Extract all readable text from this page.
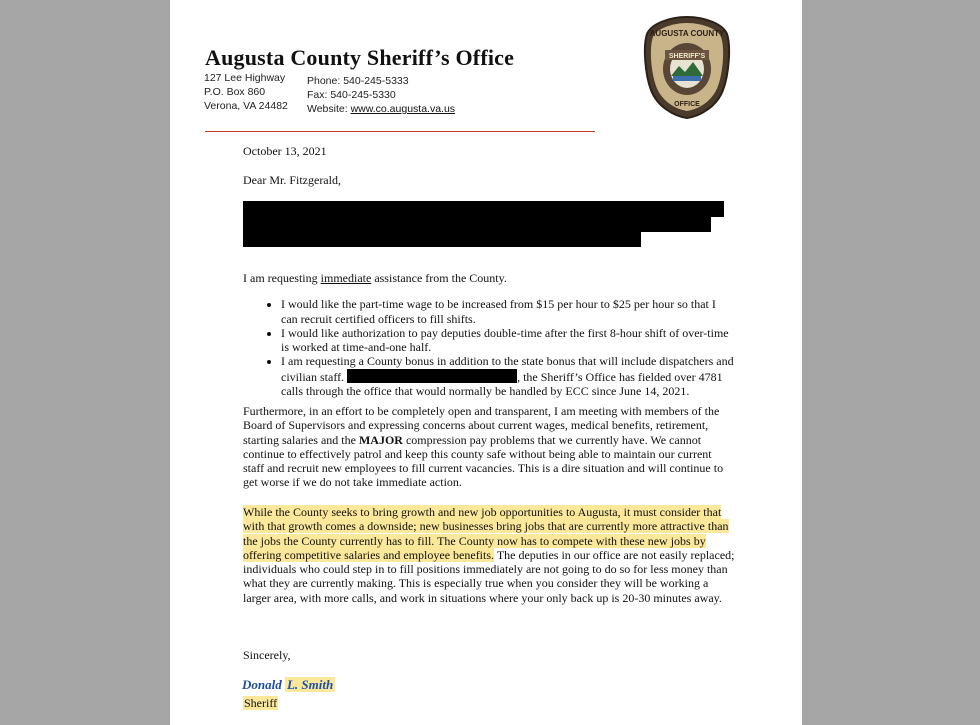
Augusta County Sheriff’s Office
127 Lee Highway
P.O. Box 860
Verona, VA 24482
Phone: 540-245-5333
Fax: 540-245-5330
Website: www.co.augusta.va.us
AUGUSTA COUNTY
SHERIFF'S
OFFICE
October 13, 2021
Dear Mr. Fitzgerald,

I am requesting immediate assistance from the County.

• I would like the part-time wage to be increased from $15 per hour to $25 per hour so that I can recruit certified officers to fill shifts.
• I would like authorization to pay deputies double-time after the first 8-hour shift of over-time is worked at time-and-one half.
• I am requesting a County bonus in addition to the state bonus that will include dispatchers and civilian staff.	, the Sheriff’s Office has fielded over 4781 calls through the office that would normally be handled by ECC since June 14, 2021.
Furthermore, in an effort to be completely open and transparent, I am meeting with members of the Board of Supervisors and expressing concerns about current wages, medical benefits, retirement, starting salaries and the MAJOR compression pay problems that we currently have. We cannot continue to effectively patrol and keep this county safe without being able to maintain our current staff and recruit new employees to fill current vacancies. This is a dire situation and will continue to get worse if we do not take immediate action.
While the County seeks to bring growth and new job opportunities to Augusta, it must consider that with that growth comes a downside; new businesses bring jobs that are currently more attractive than the jobs the County currently has to fill. The County now has to compete with these new jobs by offering competitive salaries and employee benefits. The deputies in our office are not easily replaced; individuals who could step in to fill positions immediately are not going to do so for less money than what they are currently making. This is especially true when you consider they will be working a larger area, with more calls, and work in situations where your only back up is 20-30 minutes away.
Sincerely,
Donald L. Smith
Sheriff
